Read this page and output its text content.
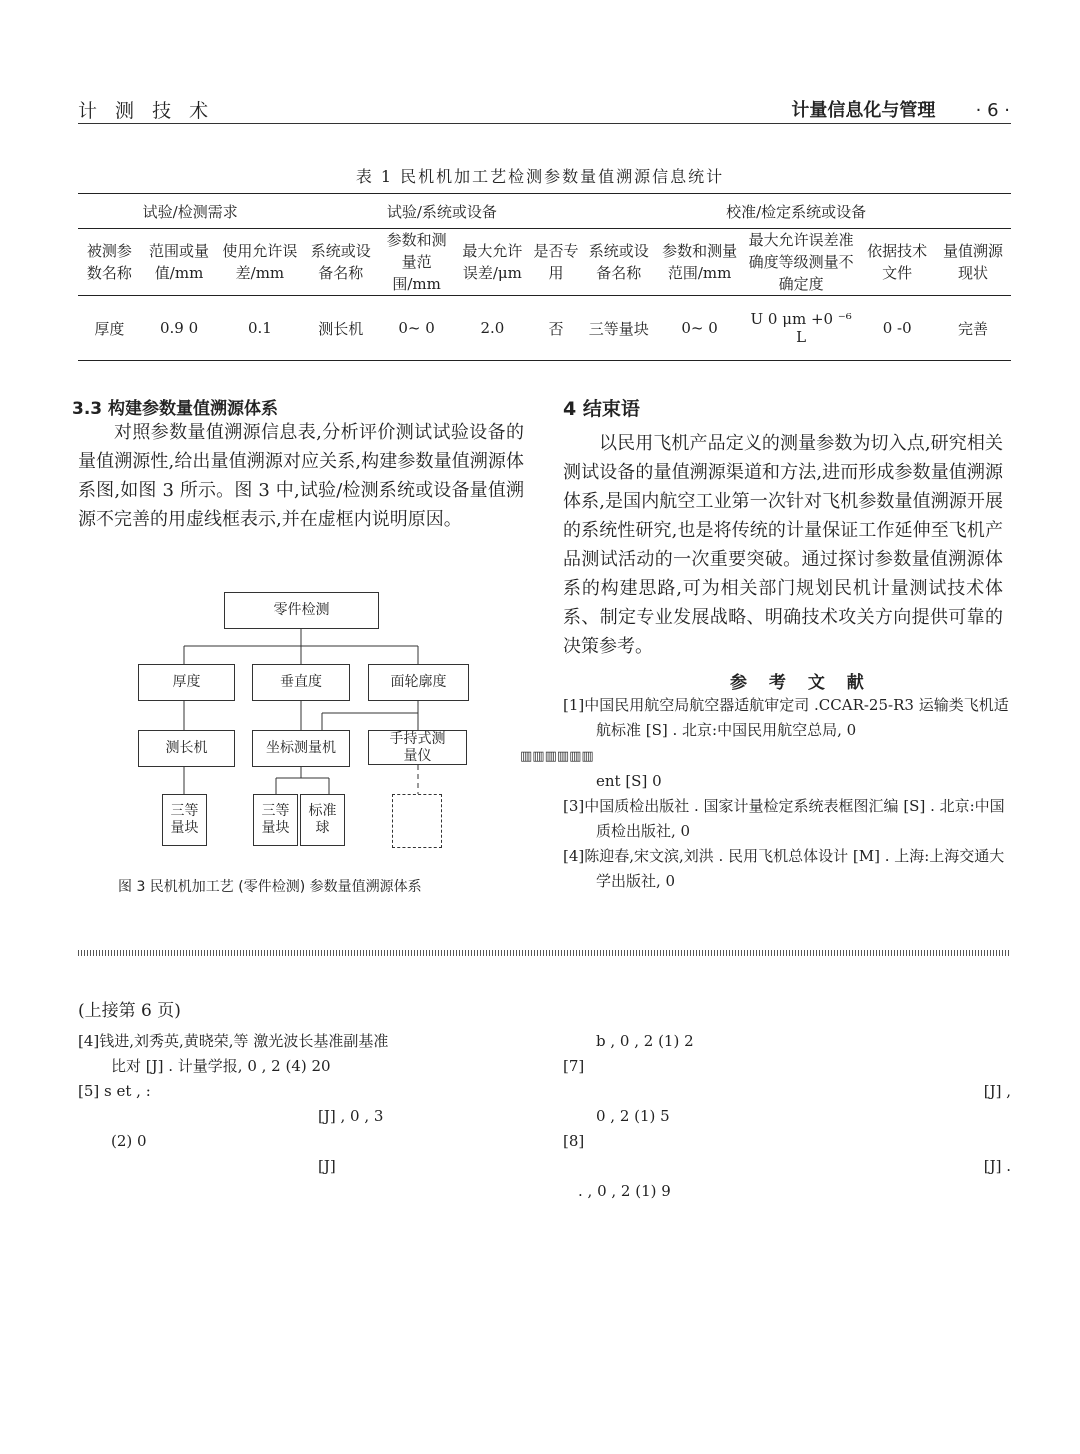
计 测 技 术	计量信息化与管理 · 6 ·
表 1 民机机加工艺检测参数量值溯源信息统计
试验/检测需求			试验/系统或设备				校准/检定系统或设备				
被测参数名称	范围或量值/mm	使用允许误差/mm	系统或设备名称	参数和测量范围/mm	最大允许误差/μm	是否专用	系统或设备名称	参数和测量范围/mm	最大允许误差准确度等级测量不确定度	依据技术文件	量值溯源现状
厚度	0.9 0	0.1	测长机	0~ 0	2.0	否	三等量块	0~ 0	U 0 μm +0 ⁻⁶ L	0 -0	完善
3.3 构建参数量值溯源体系
对照参数量值溯源信息表,分析评价测试试验设备的量值溯源性,给出量值溯源对应关系,构建参数量值溯源体系图,如图 3 所示。图 3 中,试验/检测系统或设备量值溯源不完善的用虚线框表示,并在虚框内说明原因。
零件检测
厚度	垂直度	面轮廓度
测长机	坐标测量机
手持式测量仪
三等量块
三等量块
标准球
图 3 民机机加工艺 (零件检测) 参数量值溯源体系
4 结束语
以民用飞机产品定义的测量参数为切入点,研究相关测试设备的量值溯源渠道和方法,进而形成参数量值溯源体系,是国内航空工业第一次针对飞机参数量值溯源开展的系统性研究,也是将传统的计量保证工作延伸至飞机产品测试活动的一次重要突破。通过探讨参数量值溯源体系的构建思路,可为相关部门规划民机计量测试技术体系、制定专业发展战略、明确技术攻关方向提供可靠的决策参考。
参 考 文 献
[1]中国民用航空局航空器适航审定司 .CCAR-25-R3 运输类飞机适航标准 [S] . 北京:中国民用航空总局, 0
▥▥▥▥▥▥
ent [S] 0
[3]中国质检出版社 . 国家计量检定系统表框图汇编 [S] . 北京:中国质检出版社, 0
[4]陈迎春,宋文滨,刘洪 . 民用飞机总体设计 [M] . 上海:上海交通大学出版社, 0
(上接第 6 页)
[4]钱进,刘秀英,黄晓荣,等 激光波长基准副基准
比对 [J] . 计量学报, 0 , 2 (4) 20
[5] s et , :
[J] , 0 , 3
(2) 0
[J]
b , 0 , 2 (1) 2
[7]
[J] ,
0 , 2 (1) 5
[8]
[J] .
. , 0 , 2 (1) 9
